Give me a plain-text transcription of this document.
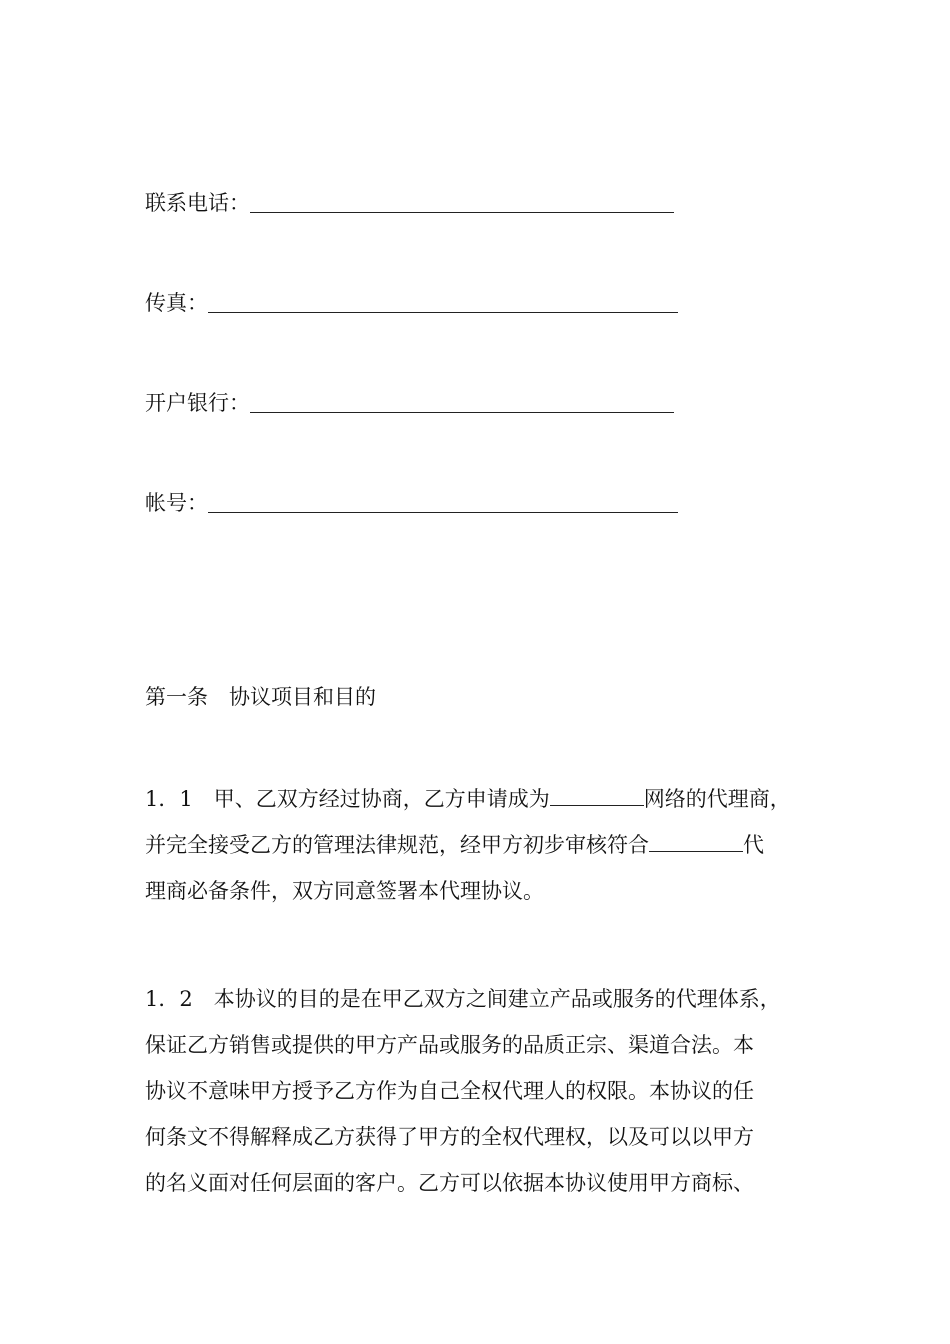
联系电话：
传真：
开户银行：
帐号：
第一条　协议项目和目的
1．1　甲、乙双方经过协商，乙方申请成为	网络的代理商，
并完全接受乙方的管理法律规范，经甲方初步审核符合	代
理商必备条件，双方同意签署本代理协议。
1．2　本协议的目的是在甲乙双方之间建立产品或服务的代理体系，
保证乙方销售或提供的甲方产品或服务的品质正宗、渠道合法。本
协议不意味甲方授予乙方作为自己全权代理人的权限。本协议的任
何条文不得解释成乙方获得了甲方的全权代理权，以及可以以甲方
的名义面对任何层面的客户。乙方可以依据本协议使用甲方商标、
